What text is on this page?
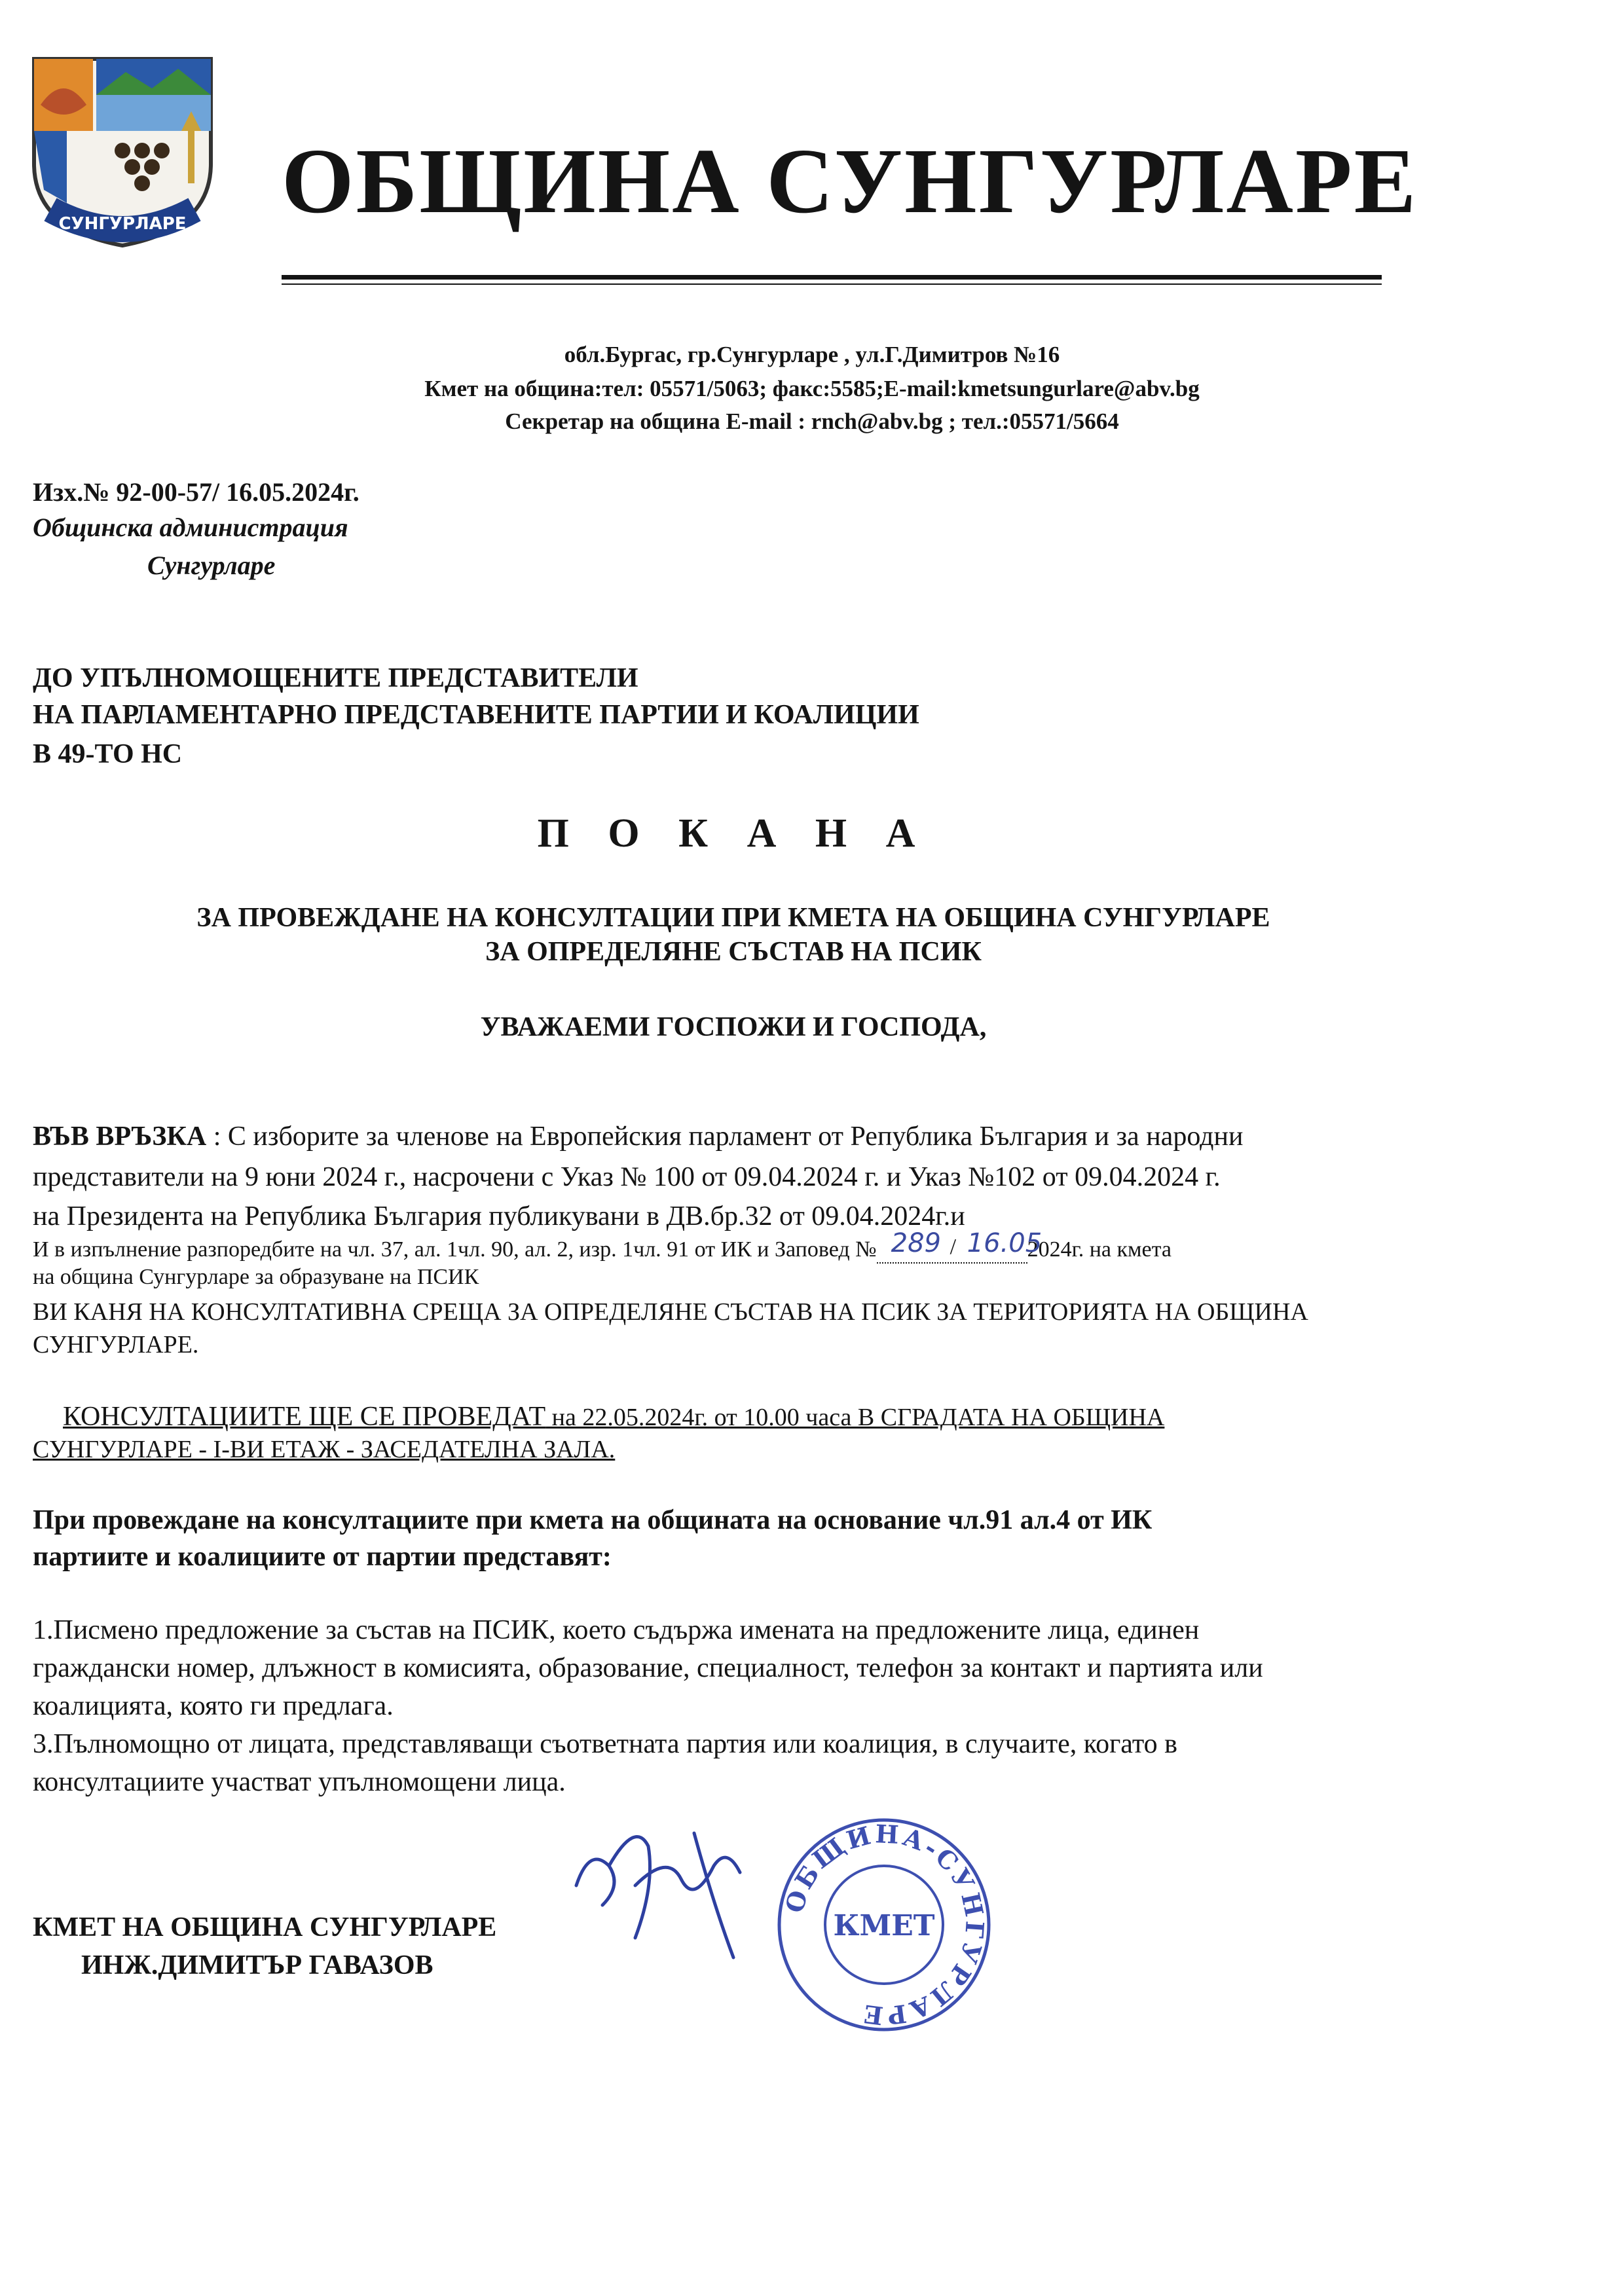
СУНГУРЛАРЕ ОБЩИНА СУНГУРЛАРЕ
обл.Бургас, гр.Сунгурларе , ул.Г.Димитров №16
Кмет на община:тел: 05571/5063; факс:5585;E-mail:kmetsungurlare@abv.bg
Секретар на община E-mail : rnch@abv.bg ; тел.:05571/5664
Изх.№ 92-00-57/ 16.05.2024г.
Общинска администрация
Сунгурларе
ДО УПЪЛНОМОЩЕНИТЕ ПРЕДСТАВИТЕЛИ
НА ПАРЛАМЕНТАРНО ПРЕДСТАВЕНИТЕ ПАРТИИ И КОАЛИЦИИ
В 49-ТО НС
П О К А Н А
ЗА ПРОВЕЖДАНЕ НА КОНСУЛТАЦИИ ПРИ КМЕТА НА ОБЩИНА СУНГУРЛАРЕ
ЗА ОПРЕДЕЛЯНЕ СЪСТАВ НА ПСИК
УВАЖАЕМИ ГОСПОЖИ И ГОСПОДА,
ВЪВ ВРЪЗКА : С изборите за членове на Европейския парламент от Република България и за народни
представители на 9 юни 2024 г., насрочени с Указ № 100 от 09.04.2024 г. и Указ №102 от 09.04.2024 г.
на Президента на Република България публикувани в ДВ.бр.32 от 09.04.2024г.и
И в изпълнение разпоредбите на чл. 37, ал. 1чл. 90, ал. 2, изр. 1чл. 91 от ИК и Заповед № 289 / 16.05
2024г. на кмета
на община Сунгурларе за образуване на ПСИК
ВИ КАНЯ НА КОНСУЛТАТИВНА СРЕЩА ЗА ОПРЕДЕЛЯНЕ СЪСТАВ НА ПСИК ЗА ТЕРИТОРИЯТА НА ОБЩИНА
СУНГУРЛАРЕ.
КОНСУЛТАЦИИТЕ ЩЕ СЕ ПРОВЕДАТ на 22.05.2024г. от 10.00 часа В СГРАДАТА НА ОБЩИНА
СУНГУРЛАРЕ - I-ВИ ЕТАЖ - ЗАСЕДАТЕЛНА ЗАЛА.
При провеждане на консултациите при кмета на общината на основание чл.91 ал.4 от ИК
партиите и коалициите от партии представят:
1.Писмено предложение за състав на ПСИК, което съдържа имената на предложените лица, единен
граждански номер, длъжност в комисията, образование, специалност, телефон за контакт и партията или
коалицията, която ги предлага.
3.Пълномощно от лицата, представляващи съответната партия или коалиция, в случаите, когато в
консултациите участват упълномощени лица.
КМЕТ НА ОБЩИНА СУНГУРЛАРЕ
ИНЖ.ДИМИТЪР ГАВАЗОВ
ОБЩИНА-СУНГУРЛАРЕ
КМЕТ
